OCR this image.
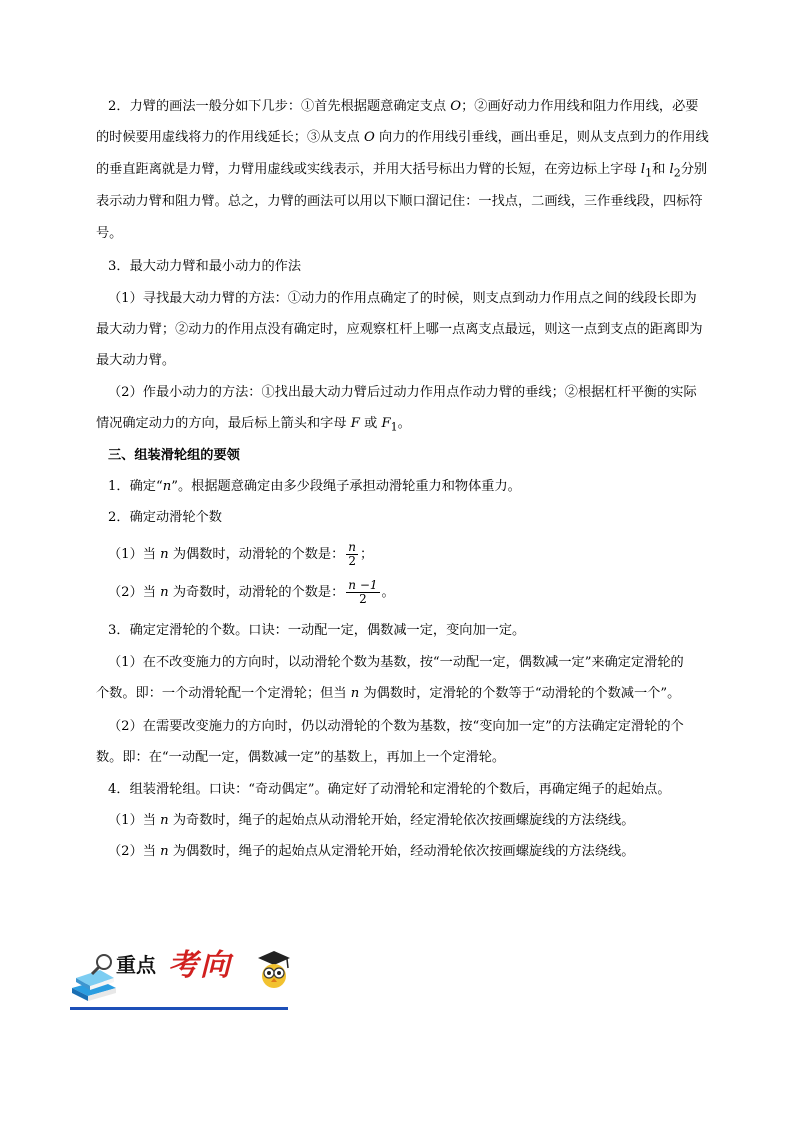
2．力臂的画法一般分如下几步：①首先根据题意确定支点 O；②画好动力作用线和阻力作用线，必要
的时候要用虚线将力的作用线延长；③从支点 O 向力的作用线引垂线，画出垂足，则从支点到力的作用线
的垂直距离就是力臂，力臂用虚线或实线表示，并用大括号标出力臂的长短，在旁边标上字母 $l_1$和 $l_2$分别
表示动力臂和阻力臂。总之，力臂的画法可以用以下顺口溜记住：一找点，二画线，三作垂线段，四标符
号。
3．最大动力臂和最小动力的作法
（1）寻找最大动力臂的方法：①动力的作用点确定了的时候，则支点到动力作用点之间的线段长即为
最大动力臂；②动力的作用点没有确定时，应观察杠杆上哪一点离支点最远，则这一点到支点的距离即为
最大动力臂。
（2）作最小动力的方法：①找出最大动力臂后过动力作用点作动力臂的垂线；②根据杠杆平衡的实际
情况确定动力的方向，最后标上箭头和字母 F 或 $F_1$。
三、组装滑轮组的要领
1．确定“n”。根据题意确定由多少段绳子承担动滑轮重力和物体重力。
2．确定动滑轮个数
（1）当 n 为偶数时，动滑轮的个数是： $\frac{n}{2}$ ；
（2）当 n 为奇数时，动滑轮的个数是： $\frac{n -1}{2}$ 。
3．确定定滑轮的个数。口诀：一动配一定，偶数减一定，变向加一定。
（1）在不改变施力的方向时，以动滑轮个数为基数，按“一动配一定，偶数减一定”来确定定滑轮的
个数。即：一个动滑轮配一个定滑轮；但当 n 为偶数时，定滑轮的个数等于“动滑轮的个数减一个”。
（2）在需要改变施力的方向时，仍以动滑轮的个数为基数，按“变向加一定”的方法确定定滑轮的个
数。即：在“一动配一定，偶数减一定”的基数上，再加上一个定滑轮。
4．组装滑轮组。口诀：“奇动偶定”。确定好了动滑轮和定滑轮的个数后，再确定绳子的起始点。
（1）当 n 为奇数时，绳子的起始点从动滑轮开始，经定滑轮依次按画螺旋线的方法绕线。
（2）当 n 为偶数时，绳子的起始点从定滑轮开始，经动滑轮依次按画螺旋线的方法绕线。
重点 考向
